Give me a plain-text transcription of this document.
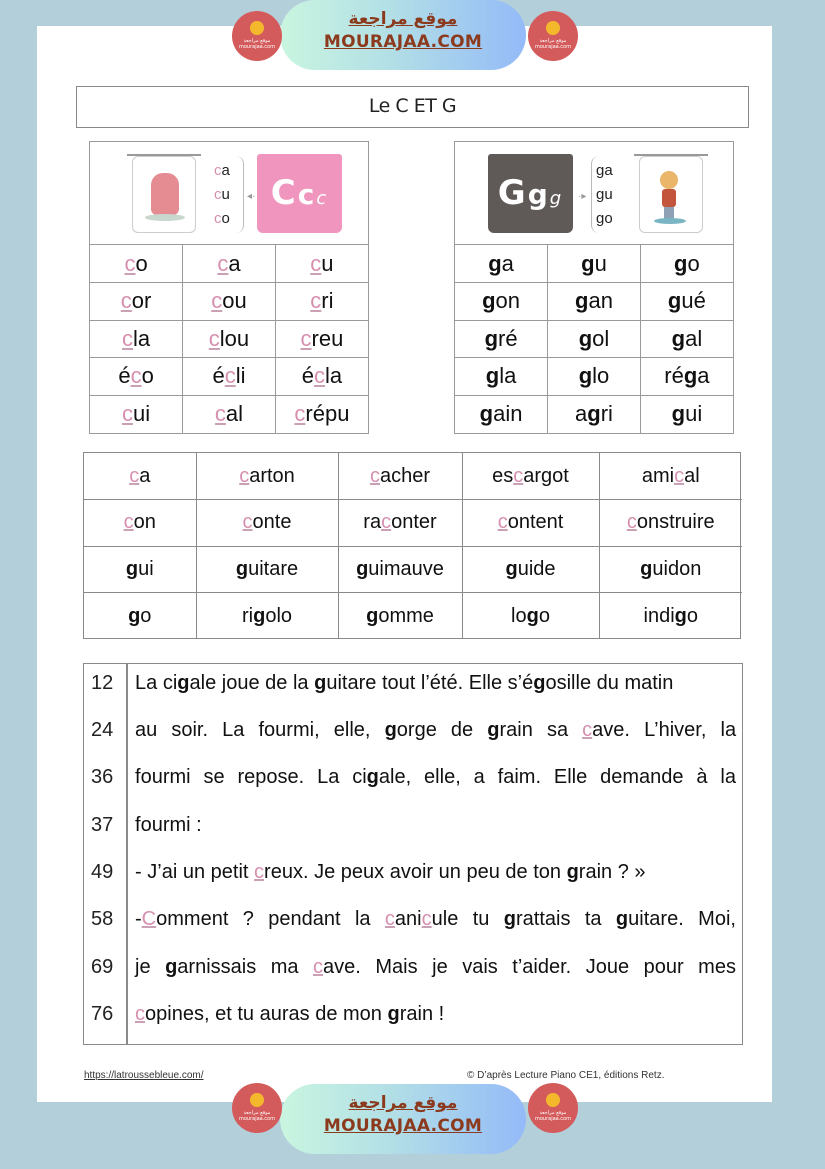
موقع مراجعة
mourajaa.com
موقع مراجعة
MOURAJAA.COM	موقع مراجعة
mourajaa.com
Le C ET G
ca
cu
co
◂· Ccc
co	ca	cu
cor	cou	cri
cla	clou	creu
éco	écli	écla
cui	cal	crépu
Ggg	·▸
ga
gu
go
ga	gu	go
gon	gan	gué
gré	gol	gal
gla	glo	réga
gain	agri	gui
ca	carton	cacher	escargot	amical
con	conte	raconter	content	construire
gui	guitare	guimauve	guide	guidon
go	rigolo	gomme	logo	indigo
12	La cigale joue de la guitare tout l’été. Elle s’égosille du matin
24	au soir. La fourmi, elle, gorge de grain sa cave. L’hiver, la
36	fourmi se repose. La cigale, elle, a faim. Elle demande à la
37	fourmi :
49	- J’ai un petit creux. Je peux avoir un peu de ton grain ? »
58	-Comment ? pendant la canicule tu grattais ta guitare. Moi,
69	je garnissais ma cave. Mais je vais t’aider. Joue pour mes
76	copines, et tu auras de mon grain !
https://latroussebleue.com/	© D’après Lecture Piano CE1, éditions Retz.
موقع مراجعة
mourajaa.com
موقع مراجعة
MOURAJAA.COM
موقع مراجعة
mourajaa.com
